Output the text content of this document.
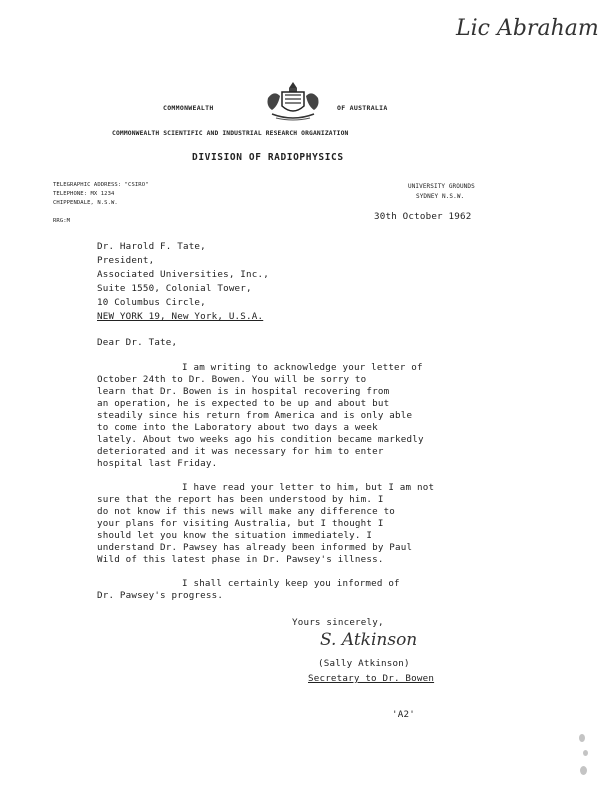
Lic Abraham
COMMONWEALTH	OF AUSTRALIA
COMMONWEALTH SCIENTIFIC AND INDUSTRIAL RESEARCH ORGANIZATION
DIVISION OF RADIOPHYSICS
TELEGRAPHIC ADDRESS: "CSIRO"
TELEPHONE: MX 1234
CHIPPENDALE, N.S.W.
RRG:M
UNIVERSITY GROUNDS
SYDNEY N.S.W.
30th October 1962
Dr. Harold F. Tate,
President,
Associated Universities, Inc.,
Suite 1550, Colonial Tower,
10 Columbus Circle,
NEW YORK 19, New York, U.S.A.
Dear Dr. Tate,
I am writing to acknowledge your letter of
October 24th to Dr. Bowen. You will be sorry to
learn that Dr. Bowen is in hospital recovering from
an operation, he is expected to be up and about but
steadily since his return from America and is only able
to come into the Laboratory about two days a week
lately. About two weeks ago his condition became markedly
deteriorated and it was necessary for him to enter
hospital last Friday.
I have read your letter to him, but I am not
sure that the report has been understood by him. I
do not know if this news will make any difference to
your plans for visiting Australia, but I thought I
should let you know the situation immediately. I
understand Dr. Pawsey has already been informed by Paul
Wild of this latest phase in Dr. Pawsey's illness.
I shall certainly keep you informed of
Dr. Pawsey's progress.
Yours sincerely,
S. Atkinson
(Sally Atkinson)
Secretary to Dr. Bowen
'A2'
